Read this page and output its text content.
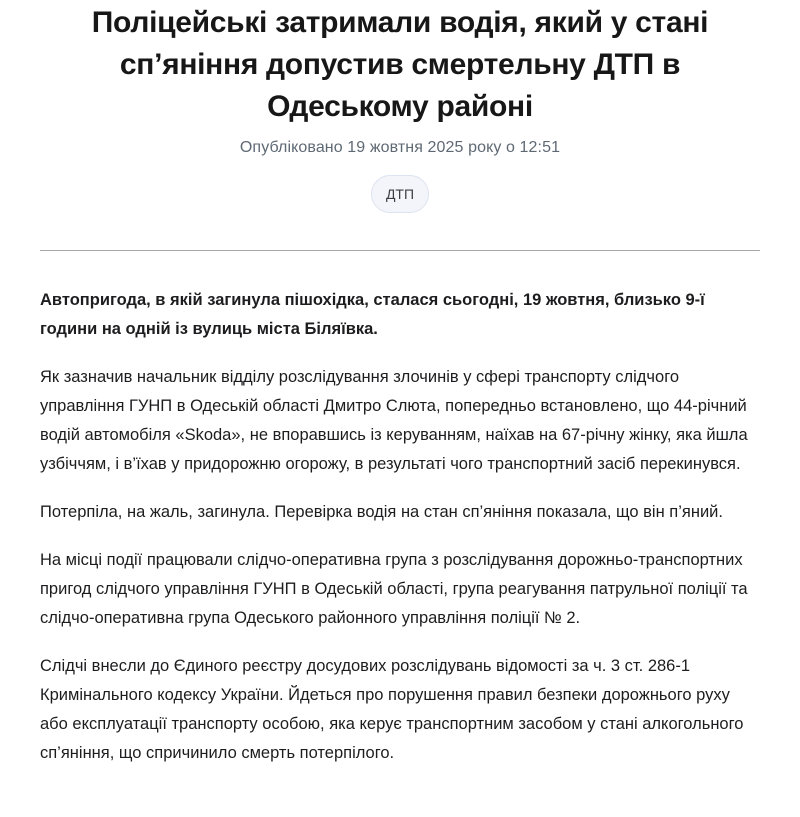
Поліцейські затримали водія, який у стані сп’яніння допустив смертельну ДТП в Одеському районі
Опубліковано 19 жовтня 2025 року о 12:51
ДТП

Автопригода, в якій загинула пішохідка, сталася сьогодні, 19 жовтня, близько 9-ї години на одній із вулиць міста Біляївка.

Як зазначив начальник відділу розслідування злочинів у сфері транспорту слідчого управління ГУНП в Одеській області Дмитро Слюта, попередньо встановлено, що 44-річний водій автомобіля «Skoda», не впоравшись із керуванням, наїхав на 67-річну жінку, яка йшла узбіччям, і в’їхав у придорожню огорожу, в результаті чого транспортний засіб перекинувся.

Потерпіла, на жаль, загинула. Перевірка водія на стан сп’яніння показала, що він п’яний.

На місці події працювали слідчо-оперативна група з розслідування дорожньо-транспортних пригод слідчого управління ГУНП в Одеській області, група реагування патрульної поліції та слідчо-оперативна група Одеського районного управління поліції № 2.

Слідчі внесли до Єдиного реєстру досудових розслідувань відомості за ч. 3 ст. 286-1 Кримінального кодексу України. Йдеться про порушення правил безпеки дорожнього руху або експлуатації транспорту особою, яка керує транспортним засобом у стані алкогольного сп’яніння, що спричинило смерть потерпілого.
